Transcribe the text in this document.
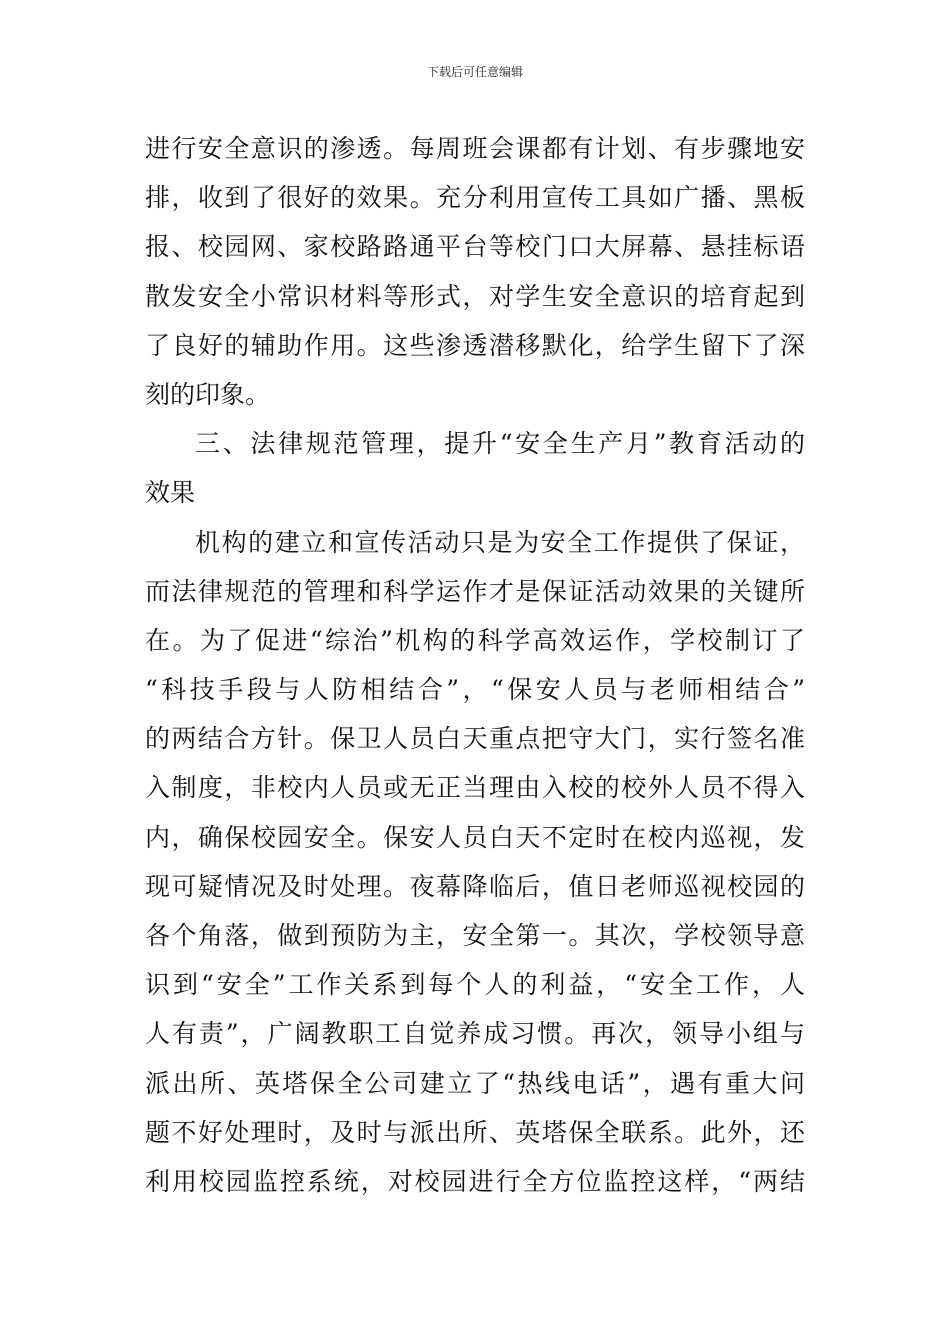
下载后可任意编辑
进行安全意识的渗透。每周班会课都有计划、有步骤地安
排，收到了很好的效果。充分利用宣传工具如广播、黑板
报、校园网、家校路路通平台等校门口大屏幕、悬挂标语
散发安全小常识材料等形式，对学生安全意识的培育起到
了良好的辅助作用。这些渗透潜移默化，给学生留下了深
刻的印象。
三、法律规范管理，提升“安全生产月”教育活动的
效果
机构的建立和宣传活动只是为安全工作提供了保证，
而法律规范的管理和科学运作才是保证活动效果的关键所
在。为了促进“综治”机构的科学高效运作，学校制订了
“科技手段与人防相结合”，“保安人员与老师相结合”
的两结合方针。保卫人员白天重点把守大门，实行签名准
入制度，非校内人员或无正当理由入校的校外人员不得入
内，确保校园安全。保安人员白天不定时在校内巡视，发
现可疑情况及时处理。夜幕降临后，值日老师巡视校园的
各个角落，做到预防为主，安全第一。其次，学校领导意
识到“安全”工作关系到每个人的利益，“安全工作，人
人有责”，广阔教职工自觉养成习惯。再次，领导小组与
派出所、英塔保全公司建立了“热线电话”，遇有重大问
题不好处理时，及时与派出所、英塔保全联系。此外，还
利用校园监控系统，对校园进行全方位监控这样，“两结
